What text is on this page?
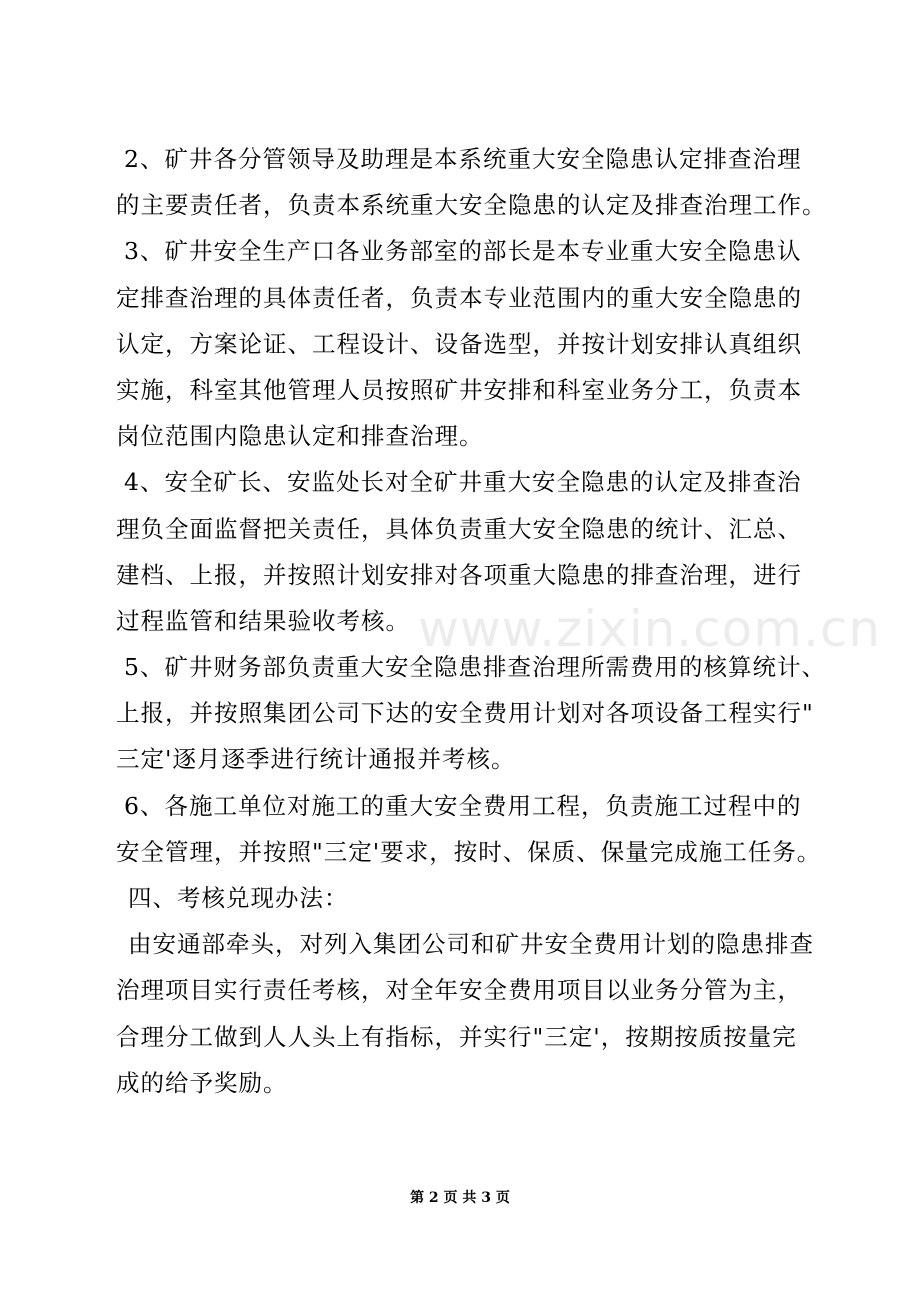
2、矿井各分管领导及助理是本系统重大安全隐患认定排查治理
的主要责任者，负责本系统重大安全隐患的认定及排查治理工作。
3、矿井安全生产口各业务部室的部长是本专业重大安全隐患认
定排查治理的具体责任者，负责本专业范围内的重大安全隐患的
认定，方案论证、工程设计、设备选型，并按计划安排认真组织
实施，科室其他管理人员按照矿井安排和科室业务分工，负责本
岗位范围内隐患认定和排查治理。
4、安全矿长、安监处长对全矿井重大安全隐患的认定及排查治
理负全面监督把关责任，具体负责重大安全隐患的统计、汇总、
建档、上报，并按照计划安排对各项重大隐患的排查治理，进行
过程监管和结果验收考核。
5、矿井财务部负责重大安全隐患排查治理所需费用的核算统计、
上报，并按照集团公司下达的安全费用计划对各项设备工程实行"
三定'逐月逐季进行统计通报并考核。
6、各施工单位对施工的重大安全费用工程，负责施工过程中的
安全管理，并按照"三定'要求，按时、保质、保量完成施工任务。
四、考核兑现办法：
由安通部牵头，对列入集团公司和矿井安全费用计划的隐患排查
治理项目实行责任考核，对全年安全费用项目以业务分管为主，
合理分工做到人人头上有指标，并实行"三定'，按期按质按量完
成的给予奖励。
www.zixin.com.cn
第 2 页 共 3 页
